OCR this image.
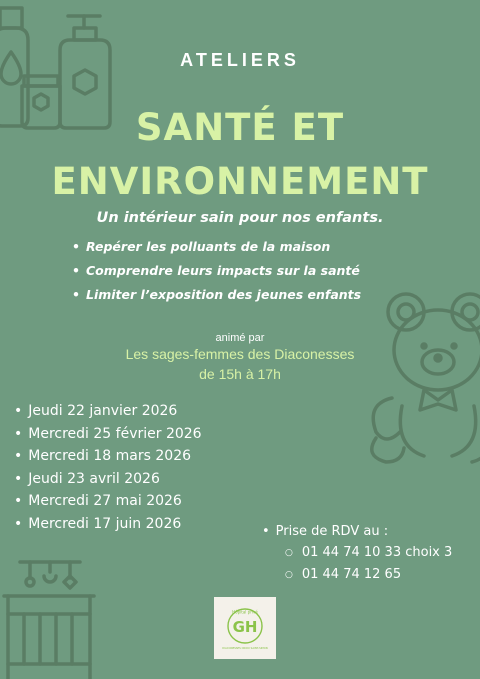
ATELIERS
SANTÉ ET
ENVIRONNEMENT
Un intérieur sain pour nos enfants.
• Repérer les polluants de la maison
• Comprendre leurs impacts sur la santé
• Limiter l’exposition des jeunes enfants
animé par
Les sages-femmes des Diaconesses
de 15h à 17h
• Jeudi 22 janvier 2026
• Mercredi 25 février 2026
• Mercredi 18 mars 2026
• Jeudi 23 avril 2026
• Mercredi 27 mai 2026
• Mercredi 17 juin 2026
•	Prise de RDV au :
○ 01 44 74 10 33 choix 3
○ 01 44 74 12 65
Hôpital privé
GH
DIACONESSES CROIX SAINT-SIMON
